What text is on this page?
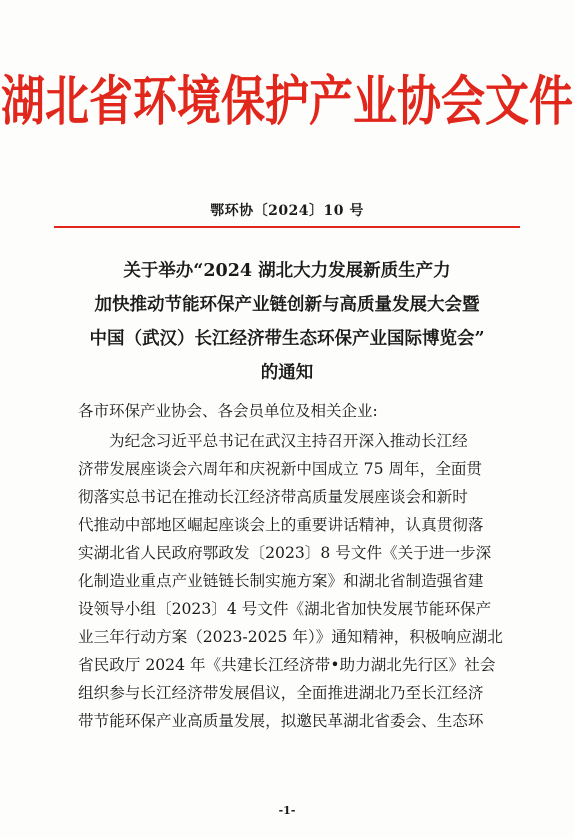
湖北省环境保护产业协会文件
鄂环协〔2024〕10 号
关于举办“2024 湖北大力发展新质生产力
加快推动节能环保产业链创新与高质量发展大会暨
中国（武汉）长江经济带生态环保产业国际博览会”
的通知
各市环保产业协会、各会员单位及相关企业:
为纪念习近平总书记在武汉主持召开深入推动长江经
济带发展座谈会六周年和庆祝新中国成立 75 周年，全面贯
彻落实总书记在推动长江经济带高质量发展座谈会和新时
代推动中部地区崛起座谈会上的重要讲话精神，认真贯彻落
实湖北省人民政府鄂政发〔2023〕8 号文件《关于进一步深
化制造业重点产业链链长制实施方案》和湖北省制造强省建
设领导小组〔2023〕4 号文件《湖北省加快发展节能环保产
业三年行动方案（2023-2025 年）》通知精神，积极响应湖北
省民政厅 2024 年《共建长江经济带•助力湖北先行区》社会
组织参与长江经济带发展倡议，全面推进湖北乃至长江经济
带节能环保产业高质量发展，拟邀民革湖北省委会、生态环
-1-
